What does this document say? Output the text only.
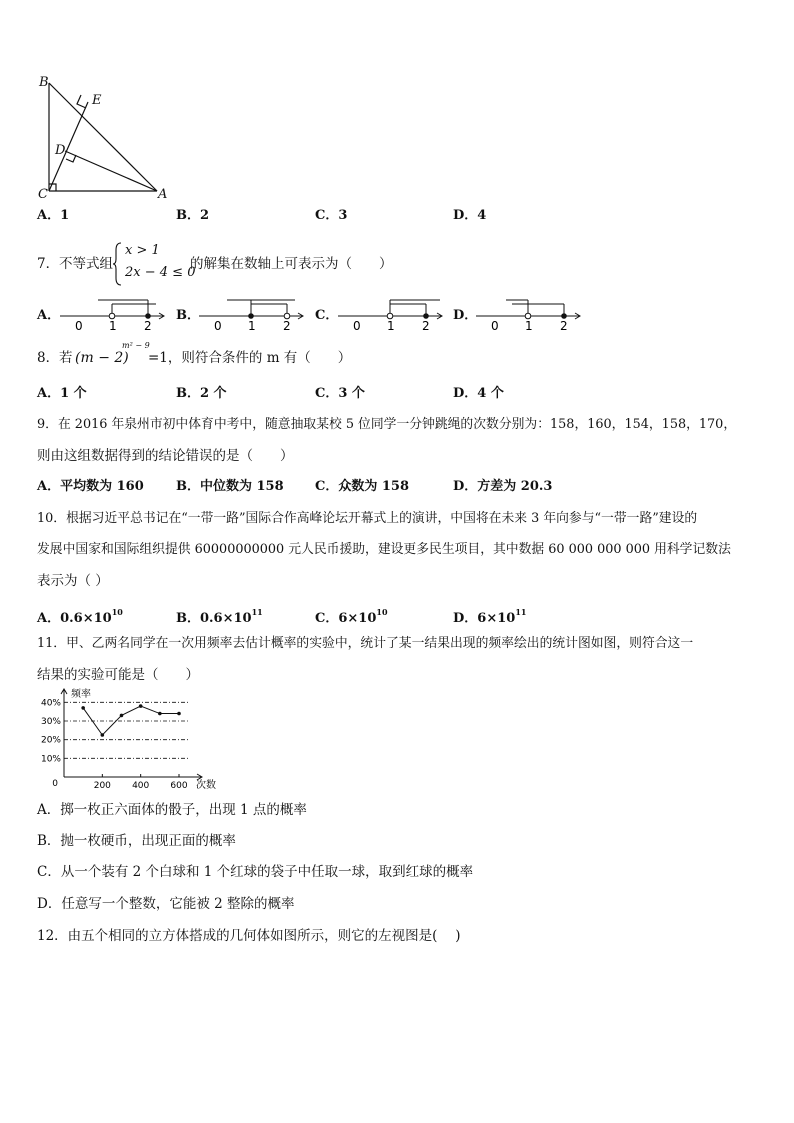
B
E
D
C	A
A．1	B．2	C．3	D．4
7． 不等式组
x > 1
2x − 4 ≤ 0
的解集在数轴上可表示为（　　）
A．
0 1 2
B．
0 1 2
C．
0 1 2
D．
0 1 2
8． 若 (m − 2)
m² − 9
=1，则符合条件的 m 有（　　）
A．1 个	B．2 个	C．3 个	D．4 个
9．在 2016 年泉州市初中体育中考中，随意抽取某校 5 位同学一分钟跳绳的次数分别为：158，160，154，158，170，
则由这组数据得到的结论错误的是（　　）
A．平均数为 160 B．中位数为 158 C．众数为 158	D．方差为 20.3
10．根据习近平总书记在“一带一路”国际合作高峰论坛开幕式上的演讲，中国将在未来 3 年向参与“一带一路”建设的
发展中国家和国际组织提供 60000000000 元人民币援助，建设更多民生项目，其中数据 60 000 000 000 用科学记数法
表示为（ ）
A．$0.6\times 10^{10}$	B．$0.6\times 10^{11}$	C．$6\times 10^{10}$	D．$6\times 10^{11}$
11．甲、乙两名同学在一次用频率去估计概率的实验中，统计了某一结果出现的频率绘出的统计图如图，则符合这一
结果的实验可能是（　　）
10%
20%
30%
40%
200 400 600
0
频率
次数
A．掷一枚正六面体的骰子，出现 1 点的概率
B．抛一枚硬币，出现正面的概率
C．从一个装有 2 个白球和 1 个红球的袋子中任取一球，取到红球的概率
D．任意写一个整数，它能被 2 整除的概率
12．由五个相同的立方体搭成的几何体如图所示，则它的左视图是(　 )
